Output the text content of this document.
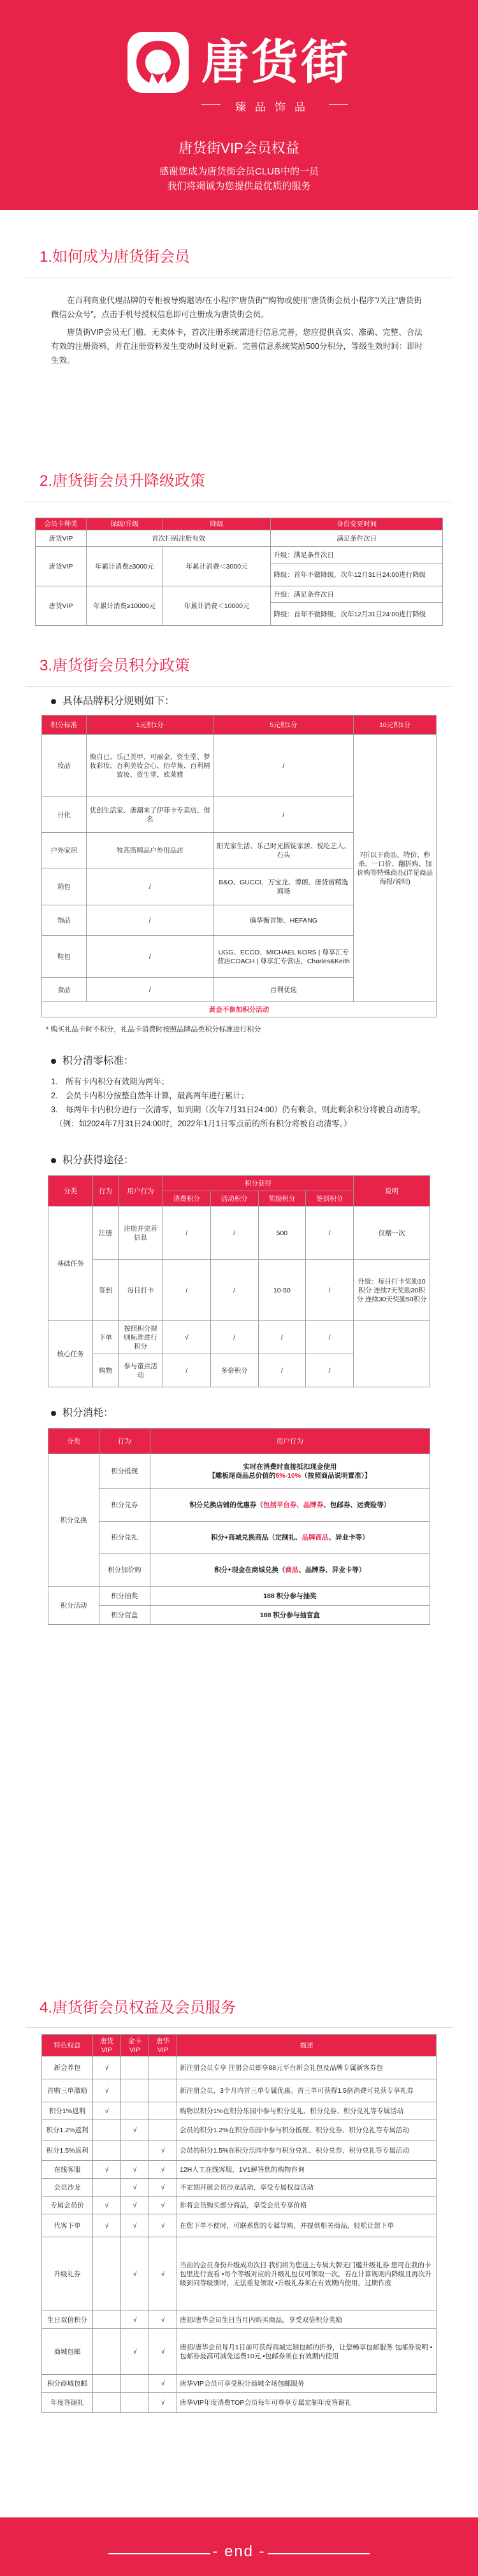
唐货街
臻品饰品
唐货街VIP会员权益
感谢您成为唐货街会员CLUB中的一员
我们将竭诚为您提供最优质的服务
1.如何成为唐货街会员
在百利商业代理品牌的专柜被导购邀请/在小程序“唐货街”“购物或使用”唐货街会员小程序”/关注“唐货街微信公众号”，点击手机号授权信息即可注册成为唐货街会员。
唐货街VIP会员无门槛、无卖体卡，首次注册系统需进行信息完善，您应提供真实、准确、完整、合法有效的注册资料，并在注册资料发生变动时及时更新。完善信息系统奖励500分积分，等级生效时间：即时生效。
2.唐货街会员升降级政策
会员卡种类	保级/升级	降级	身份变更时间
唐货VIP	首次扫码注册有效		满足条件次日
唐货VIP	年累计消费≥3000元	年累计消费＜3000元	升级：满足条件次日
			降级：首年不做降级，次年12月31日24:00进行降级
唐货VIP	年累计消费≥10000元	年累计消费＜10000元	升级：满足条件次日
			降级：首年不做降级，次年12月31日24:00进行降级
3.唐货街会员积分政策
具体品牌积分规则如下：
积分标准	1元积1分	5元积1分	10元积1分
妆品	焕自已、乐己美甲、可丽金、资生堂、梦妆彩妆、百利美妆会心、佰草集、百利精致妆、资生堂、欧莱雅	/	7折以下商品、特价、秒杀、一口价、翻折购、加价购等特殊商品(详见商品海报/说明)
日化	优创生活家、唐潮来了伊菲卡专卖店、借名	/	
户外家居	牧高笛精品户外用品店	阳光家生活、乐己时光圆锭家居、悦吃艺人、石头	
箱包	/	B&O、GUCCI、万宝龙、博朗、唐货街精选商场	
饰品	/	确华衡首饰、HEFANG	
鞋包	/	UGG、ECCO、MICHAEL KORS | 尊享汇专营店COACH | 尊享汇专营店、Charles&Keith	
食品	/	百利优选	
黄金不参加积分活动			
* 购买礼品卡时不积分，礼品卡消费时按照品牌品类积分标准进行积分
积分清零标准：
1.　所有卡内积分有效期为两年；
2.　会员卡内积分按整自然年计算，最高两年进行累计；
3.　每两年卡内积分进行一次清零，如到期（次年7月31日24:00）仍有剩余，则此剩余积分将被自动清零。
　（例：如2024年7月31日24:00时，2022年1月1日零点前的所有积分将被自动清零。）
积分获得途径：
分类	行为	用户行为	积分获得				说明
			消费积分	活动积分	奖励积分	签到积分	
基础任务	注册	注册并完善信息	/	/	500	/	仅赠一次
	签到	每日打卡	/	/	10-50	/	升级：每日打卡奖励10积分 连续7天奖励30积分 连续30天奖励50积分
核心任务	下单	按照积分规则标准进行积分	√	/	/	/	
	购物	参与童点活动	/	多倍积分	/	/	
积分消耗：
分类	行为	用户行为
积分兑换	积分抵现	实时在消费时直接抵扣现金使用
【雕板尾商品总价值的5%-10%（按照商品说明置准）】

	积分兑券	积分兑换店铺的优惠券（包括平台券、品牌券、包邮券、运费险等）
	积分兑礼	积分+商城兑换商品（定制礼、品牌商品、异业卡等）
	积分加价购	积分+现金在商城兑换（商品、品牌券、异业卡等）
积分活动	积分抽奖	188 积分参与抽奖
	积分盲盒	188 积分参与抽盲盒
4.唐货街会员权益及会员服务
特色权益	唐货VIP	金卡VIP	唐华VIP	描述
新会养包	√			新注册会员专享 注册会员即享88元平台新会礼包及品牌专属新客券包
首购三单激励	√			新注册会员，3个月内首三单专属优惠。首三单可获得1.5倍消费可兑获专享礼券
积分1%返利	√			购物以积分1%在积分乐园中参与积分兑礼、积分兑券、积分兑礼等专属活动
积分1.2%返利		√		会员的积分1.2%在积分乐园中参与积分抵现、积分兑券、积分兑礼等专属活动
积分1.5%返利			√	会员的积分1.5%在积分乐园中参与积分兑礼、积分兑券、积分兑礼等专属活动
在线客服	√	√	√	12H人工在线客服，1V1解答您的购物咨询
会员沙龙		√	√	不定期开展会员沙龙活动，享受专属权益活动
专属会员价	√	√	√	你将会员购买部分商品，享受会员专享价格
代客下单	√	√	√	在您下单不便时，可联系您的专属导购，并提供相关商品，轻松让您下单
升级礼券		√	√	当前的会员身份升级成功次日 我们将为您送上专属大牌无门槛升级礼券 您可在我的卡包里进行查看 •每个等级对应的升级礼包仅可领取一次，若在计算规则内降级且再次升级到同等级别时，无法重复领取 •升级礼券须在有效期内使用，过期作废
生日双倍积分		√	√	唐初/唐华会员生日当月内购买商品，享受双倍积分奖励
商城包邮		√	√	唐初/唐华会员每月1日前可获得商城定制包邮的折券，让您畅享包邮服务 包邮券说明 •包邮券最高可减免运费10元 •包邮券须在有效期内使用
积分商城包邮			√	唐华VIP会员可享受积分商城全场包邮服务
年度答谢礼			√	唐华VIP年度消费TOP会员每年可尊享专属定制年度答谢礼
- end -
